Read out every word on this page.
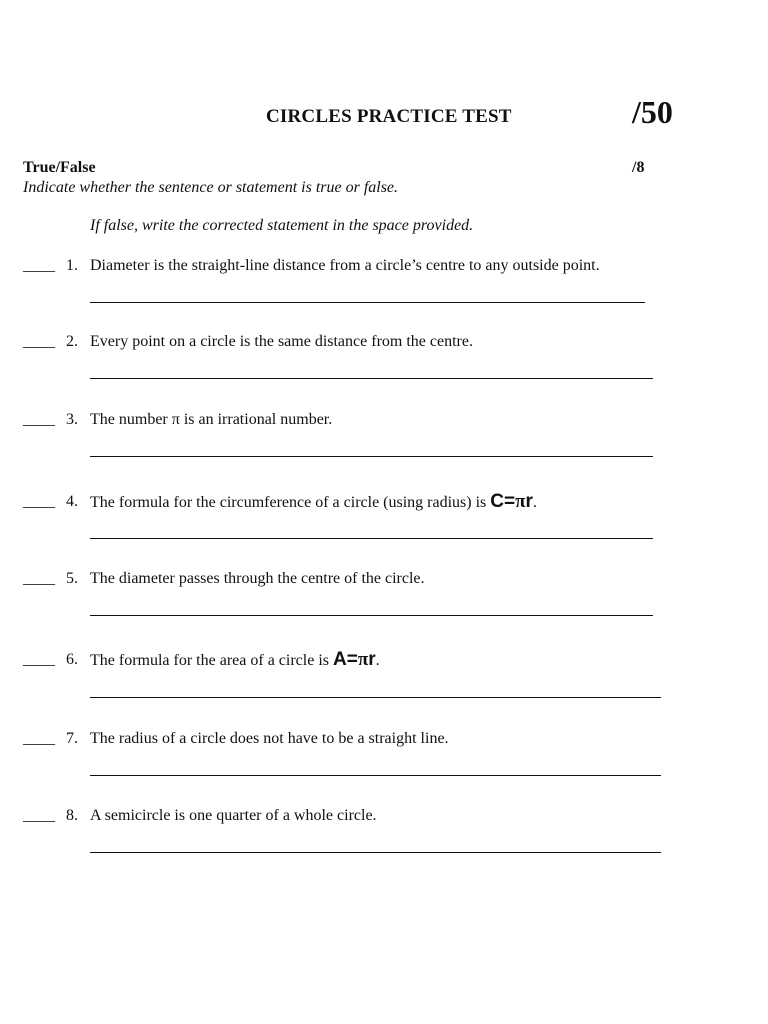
CIRCLES PRACTICE TEST	/50
True/False	/8
Indicate whether the sentence or statement is true or false.
If false, write the corrected statement in the space provided.
____ 1. Diameter is the straight-line distance from a circle’s centre to any outside point.
____ 2. Every point on a circle is the same distance from the centre.
____ 3. The number π is an irrational number.
____ 4. The formula for the circumference of a circle (using radius) is C=πr.
____ 5. The diameter passes through the centre of the circle.
____ 6. The formula for the area of a circle is A=πr.
____ 7. The radius of a circle does not have to be a straight line.
____ 8. A semicircle is one quarter of a whole circle.
